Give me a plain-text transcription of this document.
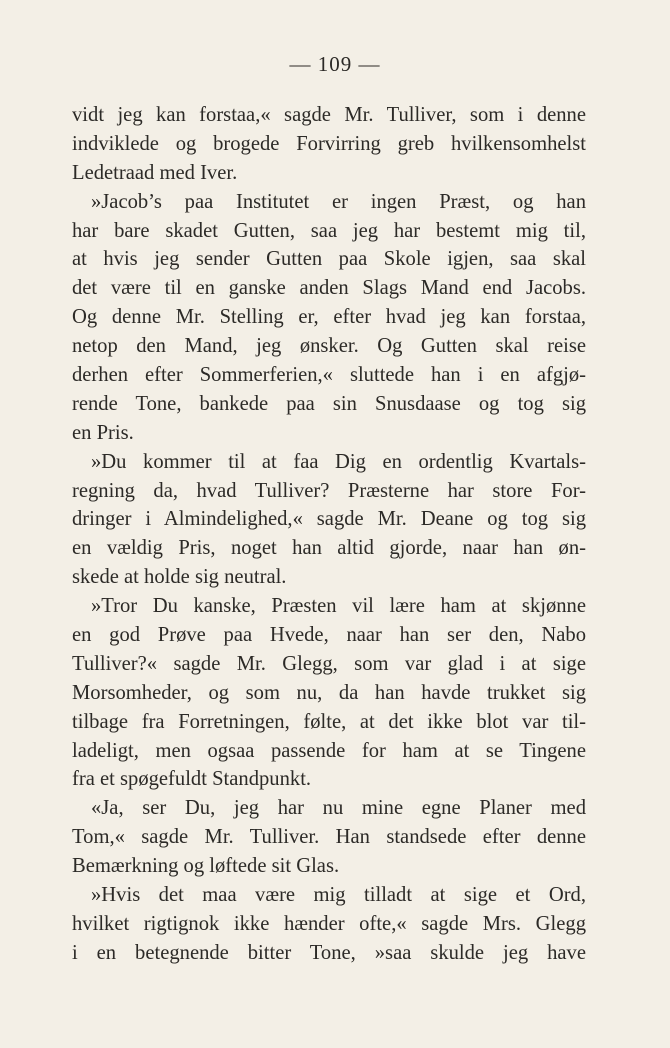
— 109 —
vidt jeg kan forstaa,« sagde Mr. Tulliver, som i denne
indviklede og brogede Forvirring greb hvilkensomhelst
Ledetraad med Iver.
»Jacob’s paa Institutet er ingen Præst, og han
har bare skadet Gutten, saa jeg har bestemt mig til,
at hvis jeg sender Gutten paa Skole igjen, saa skal
det være til en ganske anden Slags Mand end Jacobs.
Og denne Mr. Stelling er, efter hvad jeg kan forstaa,
netop den Mand, jeg ønsker. Og Gutten skal reise
derhen efter Sommerferien,« sluttede han i en afgjø-
rende Tone, bankede paa sin Snusdaase og tog sig
en Pris.
»Du kommer til at faa Dig en ordentlig Kvartals-
regning da, hvad Tulliver? Præsterne har store For-
dringer i Almindelighed,« sagde Mr. Deane og tog sig
en vældig Pris, noget han altid gjorde, naar han øn-
skede at holde sig neutral.
»Tror Du kanske, Præsten vil lære ham at skjønne
en god Prøve paa Hvede, naar han ser den, Nabo
Tulliver?« sagde Mr. Glegg, som var glad i at sige
Morsomheder, og som nu, da han havde trukket sig
tilbage fra Forretningen, følte, at det ikke blot var til-
ladeligt, men ogsaa passende for ham at se Tingene
fra et spøgefuldt Standpunkt.
«Ja, ser Du, jeg har nu mine egne Planer med
Tom,« sagde Mr. Tulliver. Han standsede efter denne
Bemærkning og løftede sit Glas.
»Hvis det maa være mig tilladt at sige et Ord,
hvilket rigtignok ikke hænder ofte,« sagde Mrs. Glegg
i en betegnende bitter Tone, »saa skulde jeg have
